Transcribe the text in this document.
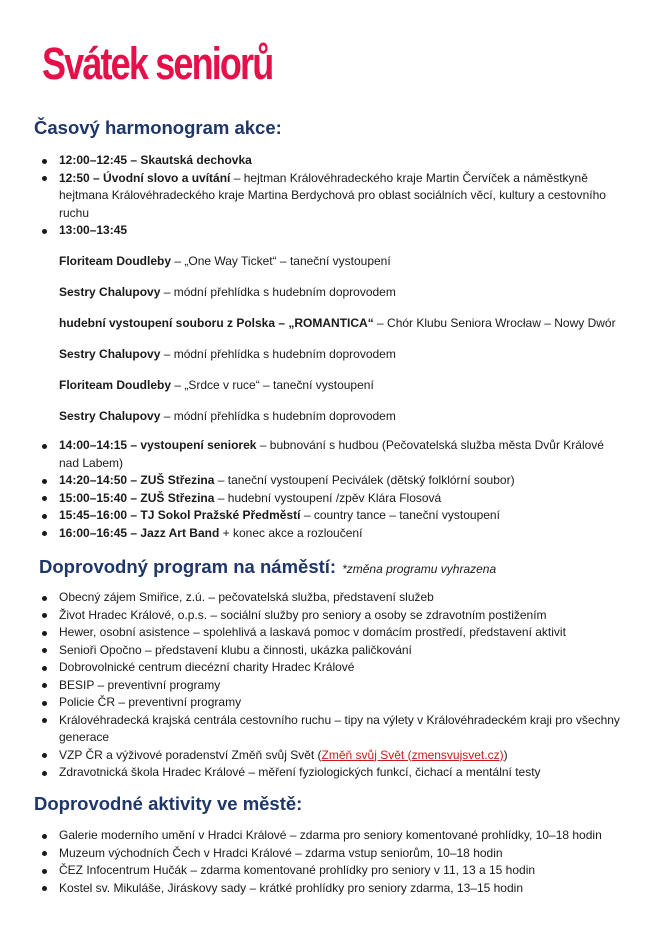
Svátek seniorů
Časový harmonogram akce:
12:00–12:45 – Skautská dechovka
12:50 – Úvodní slovo a uvítání – hejtman Královéhradeckého kraje Martin Červíček a náměstkyně hejtmana Královéhradeckého kraje Martina Berdychová pro oblast sociálních věcí, kultury a cestovního ruchu
13:00–13:45
Floriteam Doudleby – „One Way Ticket“ – taneční vystoupení
Sestry Chalupovy – módní přehlídka s hudebním doprovodem
hudební vystoupení souboru z Polska – „ROMANTICA“ – Chór Klubu Seniora Wrocław – Nowy Dwór
Sestry Chalupovy – módní přehlídka s hudebním doprovodem
Floriteam Doudleby – „Srdce v ruce“ – taneční vystoupení
Sestry Chalupovy – módní přehlídka s hudebním doprovodem
14:00–14:15 – vystoupení seniorek – bubnování s hudbou (Pečovatelská služba města Dvůr Králové nad Labem)
14:20–14:50 – ZUŠ Střezina – taneční vystoupení Peciválek (dětský folklórní soubor)
15:00–15:40 – ZUŠ Střezina – hudební vystoupení /zpěv Klára Flosová
15:45–16:00 – TJ Sokol Pražské Předměstí – country tance – taneční vystoupení
16:00–16:45 – Jazz Art Band + konec akce a rozloučení
Doprovodný program na náměstí: *změna programu vyhrazena
Obecný zájem Smiřice, z.ú. – pečovatelská služba, představení služeb
Život Hradec Králové, o.p.s. – sociální služby pro seniory a osoby se zdravotním postižením
Hewer, osobní asistence – spolehlivá a laskavá pomoc v domácím prostředí, představení aktivit
Senioři Opočno – představení klubu a činnosti, ukázka paličkování
Dobrovolnické centrum diecézní charity Hradec Králové
BESIP – preventivní programy
Policie ČR – preventivní programy
Královéhradecká krajská centrála cestovního ruchu – tipy na výlety v Královéhradeckém kraji pro všechny generace
VZP ČR a výživové poradenství Změň svůj Svět (Změň svůj Svět (zmensvujsvet.cz))
Zdravotnická škola Hradec Králové – měření fyziologických funkcí, čichací a mentální testy
Doprovodné aktivity ve městě:
Galerie moderního umění v Hradci Králové – zdarma pro seniory komentované prohlídky, 10–18 hodin
Muzeum východních Čech v Hradci Králové – zdarma vstup seniorům, 10–18 hodin
ČEZ Infocentrum Hučák – zdarma komentované prohlídky pro seniory v 11, 13 a 15 hodin
Kostel sv. Mikuláše, Jiráskovy sady – krátké prohlídky pro seniory zdarma, 13–15 hodin
